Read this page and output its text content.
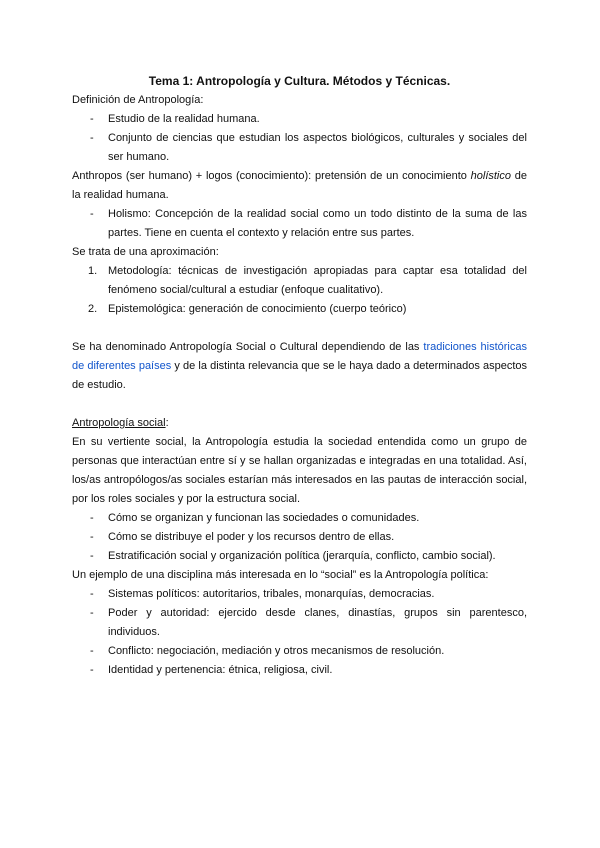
Tema 1: Antropología y Cultura. Métodos y Técnicas.

Definición de Antropología:

- Estudio de la realidad humana.
- Conjunto de ciencias que estudian los aspectos biológicos, culturales y sociales del ser humano.

Anthropos (ser humano) + logos (conocimiento): pretensión de un conocimiento holístico de la realidad humana.

- Holismo: Concepción de la realidad social como un todo distinto de la suma de las partes. Tiene en cuenta el contexto y relación entre sus partes.

Se trata de una aproximación:

1. Metodología: técnicas de investigación apropiadas para captar esa totalidad del fenómeno social/cultural a estudiar (enfoque cualitativo).
2. Epistemológica: generación de conocimiento (cuerpo teórico)

Se ha denominado Antropología Social o Cultural dependiendo de las tradiciones históricas de diferentes países y de la distinta relevancia que se le haya dado a determinados aspectos de estudio.

Antropología social:

En su vertiente social, la Antropología estudia la sociedad entendida como un grupo de personas que interactúan entre sí y se hallan organizadas e integradas en una totalidad. Así, los/as antropólogos/as sociales estarían más interesados en las pautas de interacción social, por los roles sociales y por la estructura social.

- Cómo se organizan y funcionan las sociedades o comunidades.
- Cómo se distribuye el poder y los recursos dentro de ellas.
- Estratificación social y organización política (jerarquía, conflicto, cambio social).

Un ejemplo de una disciplina más interesada en lo “social” es la Antropología política:

- Sistemas políticos: autoritarios, tribales, monarquías, democracias.
- Poder y autoridad: ejercido desde clanes, dinastías, grupos sin parentesco, individuos.
- Conflicto: negociación, mediación y otros mecanismos de resolución.
- Identidad y pertenencia: étnica, religiosa, civil.
